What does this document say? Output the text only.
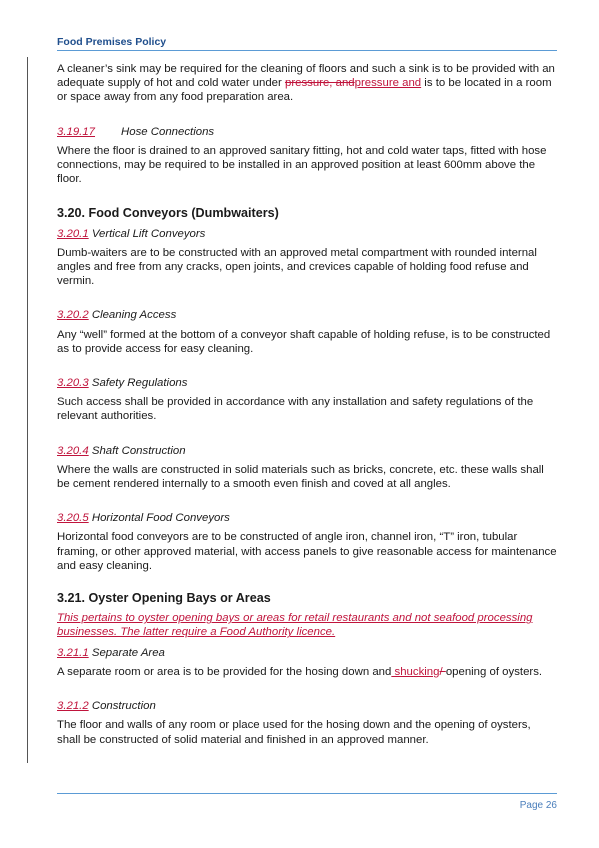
Food Premises Policy

A cleaner’s sink may be required for the cleaning of floors and such a sink is to be provided with an adequate supply of hot and cold water under pressure, andpressure and is to be located in a room or space away from any food preparation area.

3.19.17 Hose Connections

Where the floor is drained to an approved sanitary fitting, hot and cold water taps, fitted with hose connections, may be required to be installed in an approved position at least 600mm above the floor.

3.20. Food Conveyors (Dumbwaiters)

3.20.1 Vertical Lift Conveyors

Dumb-waiters are to be constructed with an approved metal compartment with rounded internal angles and free from any cracks, open joints, and crevices capable of holding food refuse and vermin.

3.20.2 Cleaning Access

Any “well” formed at the bottom of a conveyor shaft capable of holding refuse, is to be constructed as to provide access for easy cleaning.

3.20.3 Safety Regulations

Such access shall be provided in accordance with any installation and safety regulations of the relevant authorities.

3.20.4 Shaft Construction

Where the walls are constructed in solid materials such as bricks, concrete, etc. these walls shall be cement rendered internally to a smooth even finish and coved at all angles.

3.20.5 Horizontal Food Conveyors

Horizontal food conveyors are to be constructed of angle iron, channel iron, “T” iron, tubular framing, or other approved material, with access panels to give reasonable access for maintenance and easy cleaning.

3.21. Oyster Opening Bays or Areas

This pertains to oyster opening bays or areas for retail restaurants and not seafood processing businesses. The latter require a Food Authority licence.

3.21.1 Separate Area

A separate room or area is to be provided for the hosing down and shucking/ opening of oysters.

3.21.2 Construction

The floor and walls of any room or place used for the hosing down and the opening of oysters, shall be constructed of solid material and finished in an approved manner.

Page 26
